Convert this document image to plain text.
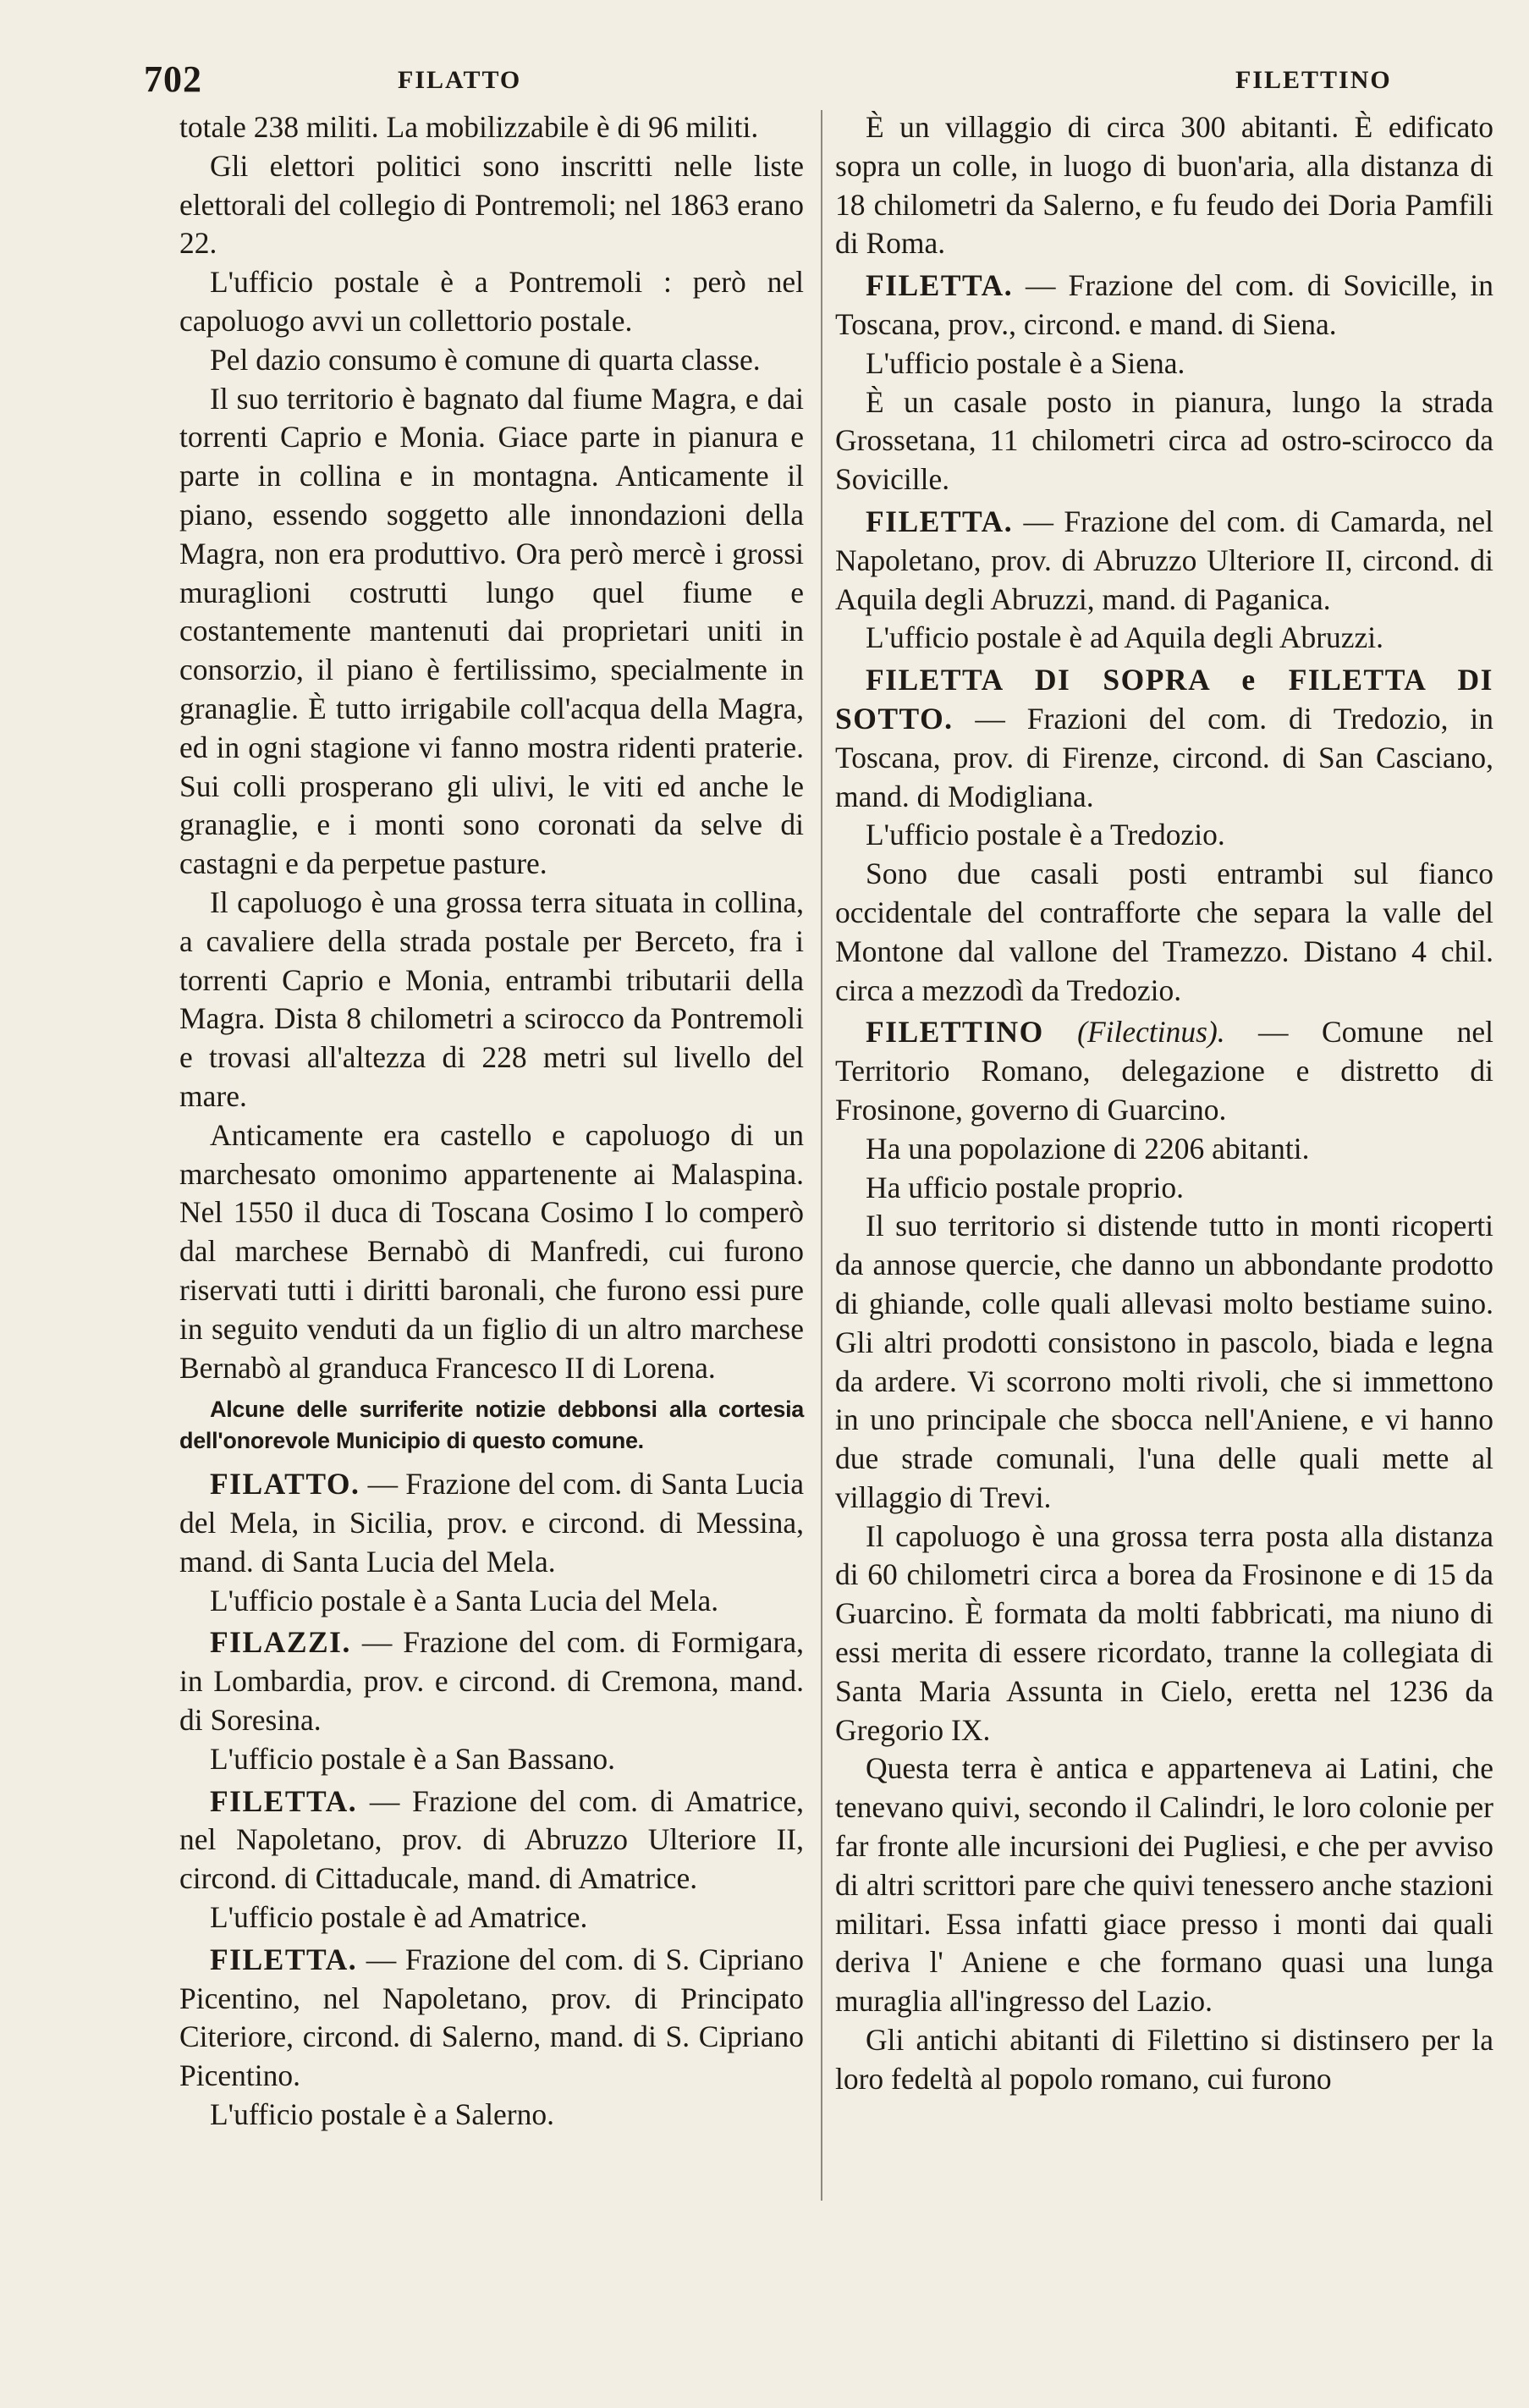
702	FILATTO	FILETTINO

totale 238 militi. La mobilizzabile è di 96 militi.

Gli elettori politici sono inscritti nelle liste elettorali del collegio di Pontremoli; nel 1863 erano 22.

L'ufficio postale è a Pontremoli : però nel capoluogo avvi un collettorio postale.

Pel dazio consumo è comune di quarta classe.

Il suo territorio è bagnato dal fiume Magra, e dai torrenti Caprio e Monia. Giace parte in pianura e parte in collina e in montagna. Anticamente il piano, essendo soggetto alle innondazioni della Magra, non era produttivo. Ora però mercè i grossi muraglioni costrutti lungo quel fiume e costantemente mantenuti dai proprietari uniti in consorzio, il piano è fertilissimo, specialmente in granaglie. È tutto irrigabile coll'acqua della Magra, ed in ogni stagione vi fanno mostra ridenti praterie. Sui colli prosperano gli ulivi, le viti ed anche le granaglie, e i monti sono coronati da selve di castagni e da perpetue pasture.

Il capoluogo è una grossa terra situata in collina, a cavaliere della strada postale per Berceto, fra i torrenti Caprio e Monia, entrambi tributarii della Magra. Dista 8 chilometri a scirocco da Pontremoli e trovasi all'altezza di 228 metri sul livello del mare.

Anticamente era castello e capoluogo di un marchesato omonimo appartenente ai Malaspina. Nel 1550 il duca di Toscana Cosimo I lo comperò dal marchese Bernabò di Manfredi, cui furono riservati tutti i diritti baronali, che furono essi pure in seguito venduti da un figlio di un altro marchese Bernabò al granduca Francesco II di Lorena.

Alcune delle surriferite notizie debbonsi alla cortesia dell'onorevole Municipio di questo comune.

FILATTO. — Frazione del com. di Santa Lucia del Mela, in Sicilia, prov. e circond. di Messina, mand. di Santa Lucia del Mela.

L'ufficio postale è a Santa Lucia del Mela.

FILAZZI. — Frazione del com. di Formigara, in Lombardia, prov. e circond. di Cremona, mand. di Soresina.

L'ufficio postale è a San Bassano.

FILETTA. — Frazione del com. di Amatrice, nel Napoletano, prov. di Abruzzo Ulteriore II, circond. di Cittaducale, mand. di Amatrice.

L'ufficio postale è ad Amatrice.

FILETTA. — Frazione del com. di S. Cipriano Picentino, nel Napoletano, prov. di Principato Citeriore, circond. di Salerno, mand. di S. Cipriano Picentino.

L'ufficio postale è a Salerno.

È un villaggio di circa 300 abitanti. È edificato sopra un colle, in luogo di buon'aria, alla distanza di 18 chilometri da Salerno, e fu feudo dei Doria Pamfili di Roma.

FILETTA. — Frazione del com. di Sovicille, in Toscana, prov., circond. e mand. di Siena.

L'ufficio postale è a Siena.

È un casale posto in pianura, lungo la strada Grossetana, 11 chilometri circa ad ostro-scirocco da Sovicille.

FILETTA. — Frazione del com. di Camarda, nel Napoletano, prov. di Abruzzo Ulteriore II, circond. di Aquila degli Abruzzi, mand. di Paganica.

L'ufficio postale è ad Aquila degli Abruzzi.

FILETTA DI SOPRA e FILETTA DI SOTTO. — Frazioni del com. di Tredozio, in Toscana, prov. di Firenze, circond. di San Casciano, mand. di Modigliana.

L'ufficio postale è a Tredozio.

Sono due casali posti entrambi sul fianco occidentale del contrafforte che separa la valle del Montone dal vallone del Tramezzo. Distano 4 chil. circa a mezzodì da Tredozio.

FILETTINO (Filectinus). — Comune nel Territorio Romano, delegazione e distretto di Frosinone, governo di Guarcino.

Ha una popolazione di 2206 abitanti.

Ha ufficio postale proprio.

Il suo territorio si distende tutto in monti ricoperti da annose quercie, che danno un abbondante prodotto di ghiande, colle quali allevasi molto bestiame suino. Gli altri prodotti consistono in pascolo, biada e legna da ardere. Vi scorrono molti rivoli, che si immettono in uno principale che sbocca nell'Aniene, e vi hanno due strade comunali, l'una delle quali mette al villaggio di Trevi.

Il capoluogo è una grossa terra posta alla distanza di 60 chilometri circa a borea da Frosinone e di 15 da Guarcino. È formata da molti fabbricati, ma niuno di essi merita di essere ricordato, tranne la collegiata di Santa Maria Assunta in Cielo, eretta nel 1236 da Gregorio IX.

Questa terra è antica e apparteneva ai Latini, che tenevano quivi, secondo il Calindri, le loro colonie per far fronte alle incursioni dei Pugliesi, e che per avviso di altri scrittori pare che quivi tenessero anche stazioni militari. Essa infatti giace presso i monti dai quali deriva l' Aniene e che formano quasi una lunga muraglia all'ingresso del Lazio.

Gli antichi abitanti di Filettino si distinsero per la loro fedeltà al popolo romano, cui furono
